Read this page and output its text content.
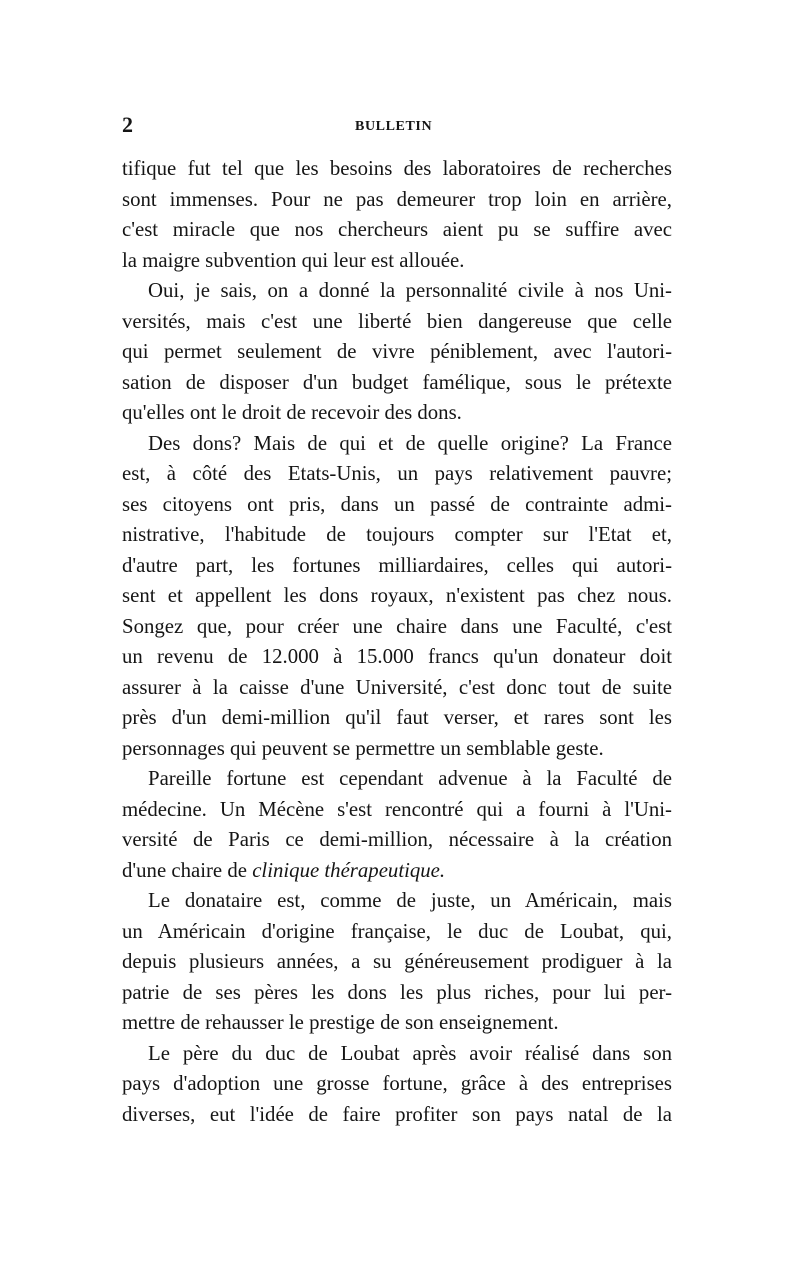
2	BULLETIN
tifique fut tel que les besoins des laboratoires de recherches
sont immenses. Pour ne pas demeurer trop loin en arrière,
c'est miracle que nos chercheurs aient pu se suffire avec
la maigre subvention qui leur est allouée.
Oui, je sais, on a donné la personnalité civile à nos Uni-
versités, mais c'est une liberté bien dangereuse que celle
qui permet seulement de vivre péniblement, avec l'autori-
sation de disposer d'un budget famélique, sous le prétexte
qu'elles ont le droit de recevoir des dons.
Des dons? Mais de qui et de quelle origine? La France
est, à côté des Etats-Unis, un pays relativement pauvre;
ses citoyens ont pris, dans un passé de contrainte admi-
nistrative, l'habitude de toujours compter sur l'Etat et,
d'autre part, les fortunes milliardaires, celles qui autori-
sent et appellent les dons royaux, n'existent pas chez nous.
Songez que, pour créer une chaire dans une Faculté, c'est
un revenu de 12.000 à 15.000 francs qu'un donateur doit
assurer à la caisse d'une Université, c'est donc tout de suite
près d'un demi-million qu'il faut verser, et rares sont les
personnages qui peuvent se permettre un semblable geste.
Pareille fortune est cependant advenue à la Faculté de
médecine. Un Mécène s'est rencontré qui a fourni à l'Uni-
versité de Paris ce demi-million, nécessaire à la création
d'une chaire de clinique thérapeutique.
Le donataire est, comme de juste, un Américain, mais
un Américain d'origine française, le duc de Loubat, qui,
depuis plusieurs années, a su généreusement prodiguer à la
patrie de ses pères les dons les plus riches, pour lui per-
mettre de rehausser le prestige de son enseignement.
Le père du duc de Loubat après avoir réalisé dans son
pays d'adoption une grosse fortune, grâce à des entreprises
diverses, eut l'idée de faire profiter son pays natal de la
